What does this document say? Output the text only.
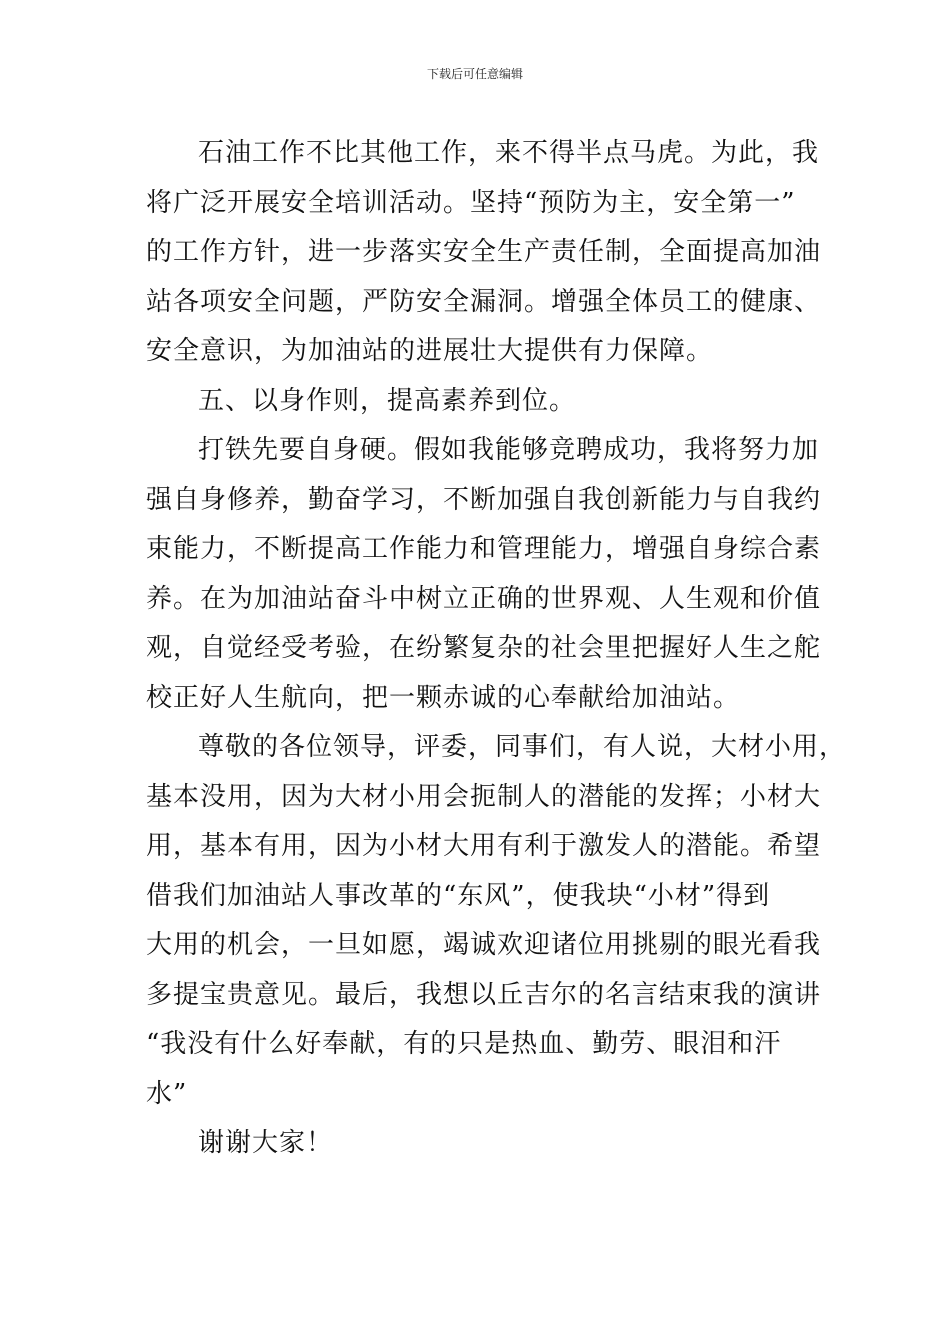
下载后可任意编辑
石油工作不比其他工作，来不得半点马虎。为此，我
将广泛开展安全培训活动。坚持“预防为主，安全第一”
的工作方针，进一步落实安全生产责任制，全面提高加油
站各项安全问题，严防安全漏洞。增强全体员工的健康、
安全意识，为加油站的进展壮大提供有力保障。
五、以身作则，提高素养到位。
打铁先要自身硬。假如我能够竞聘成功，我将努力加
强自身修养，勤奋学习，不断加强自我创新能力与自我约
束能力，不断提高工作能力和管理能力，增强自身综合素
养。在为加油站奋斗中树立正确的世界观、人生观和价值
观，自觉经受考验，在纷繁复杂的社会里把握好人生之舵
校正好人生航向，把一颗赤诚的心奉献给加油站。
尊敬的各位领导，评委，同事们，有人说，大材小用，
基本没用，因为大材小用会扼制人的潜能的发挥；小材大
用，基本有用，因为小材大用有利于激发人的潜能。希望
借我们加油站人事改革的“东风”，使我块“小材”得到
大用的机会，一旦如愿，竭诚欢迎诸位用挑剔的眼光看我
多提宝贵意见。最后，我想以丘吉尔的名言结束我的演讲
“我没有什么好奉献，有的只是热血、勤劳、眼泪和汗
水”
谢谢大家！
